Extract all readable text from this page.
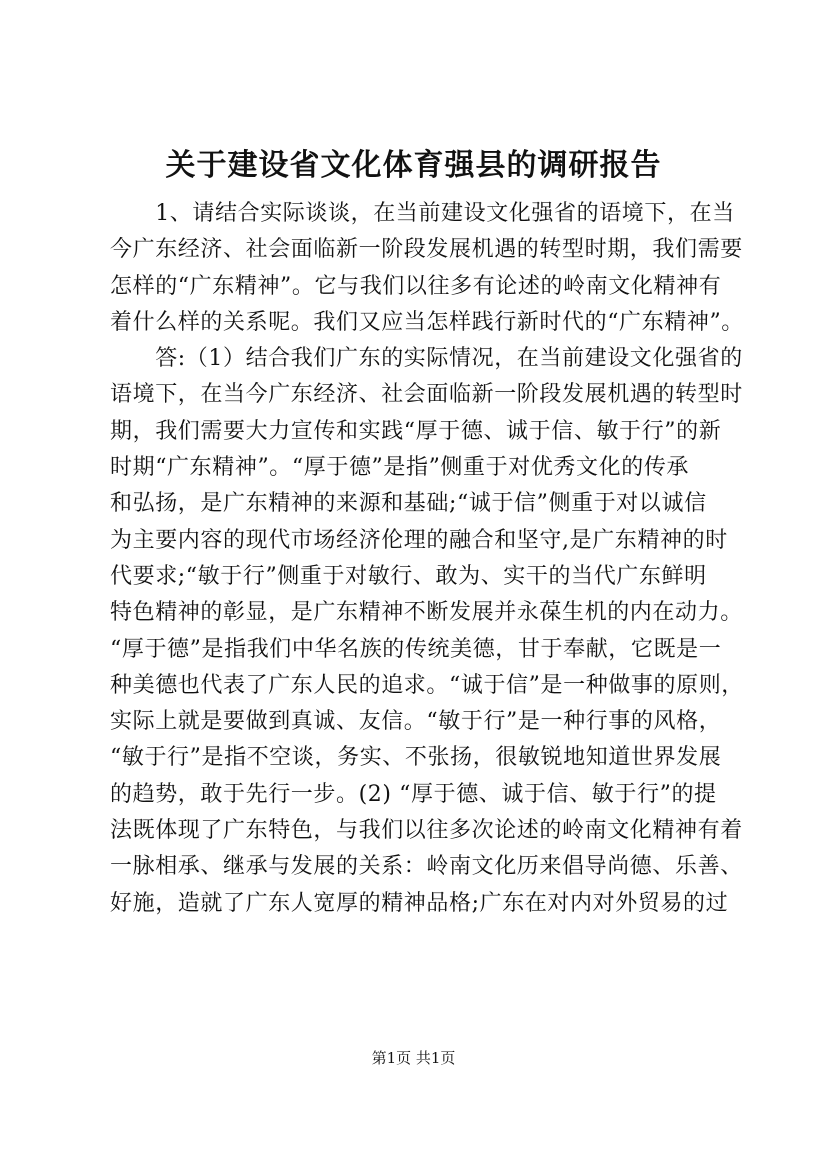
关于建设省文化体育强县的调研报告
　　1、请结合实际谈谈，在当前建设文化强省的语境下，在当
今广东经济、社会面临新一阶段发展机遇的转型时期，我们需要
怎样的“广东精神”。它与我们以往多有论述的岭南文化精神有
着什么样的关系呢。我们又应当怎样践行新时代的“广东精神”。
　　答:（1）结合我们广东的实际情况，在当前建设文化强省的
语境下，在当今广东经济、社会面临新一阶段发展机遇的转型时
期，我们需要大力宣传和实践“厚于德、诚于信、敏于行”的新
时期“广东精神”。“厚于德”是指”侧重于对优秀文化的传承
和弘扬，是广东精神的来源和基础;“诚于信”侧重于对以诚信
为主要内容的现代市场经济伦理的融合和坚守,是广东精神的时
代要求;“敏于行”侧重于对敏行、敢为、实干的当代广东鲜明
特色精神的彰显，是广东精神不断发展并永葆生机的内在动力。
“厚于德”是指我们中华名族的传统美德，甘于奉献，它既是一
种美德也代表了广东人民的追求。“诚于信”是一种做事的原则，
实际上就是要做到真诚、友信。“敏于行”是一种行事的风格，
“敏于行”是指不空谈，务实、不张扬，很敏锐地知道世界发展
的趋势，敢于先行一步。(2) “厚于德、诚于信、敏于行”的提
法既体现了广东特色，与我们以往多次论述的岭南文化精神有着
一脉相承、继承与发展的关系：岭南文化历来倡导尚德、乐善、
好施，造就了广东人宽厚的精神品格;广东在对内对外贸易的过
第1页 共1页
